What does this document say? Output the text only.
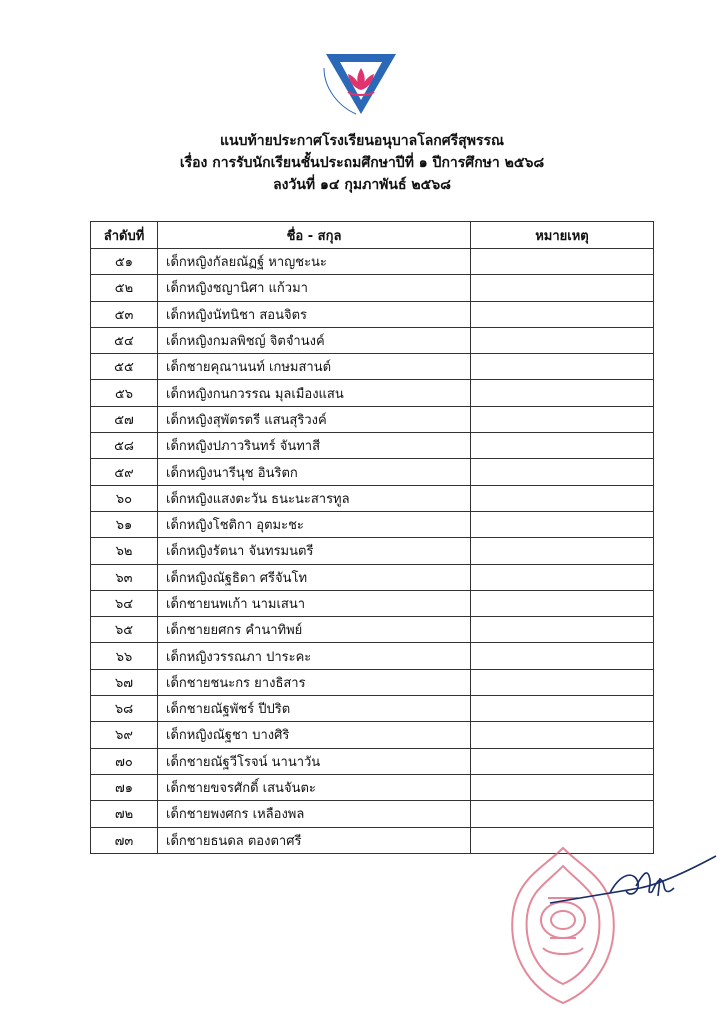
แนบท้ายประกาศโรงเรียนอนุบาลโลกศรีสุพรรณ
เรื่อง การรับนักเรียนชั้นประถมศึกษาปีที่ ๑ ปีการศึกษา ๒๕๖๘
ลงวันที่ ๑๔ กุมภาพันธ์ ๒๕๖๘
ลำดับที่	ชื่อ - สกุล	หมายเหตุ
๕๑	เด็กหญิงกัลยณัฏฐ์ หาญชะนะ	
๕๒	เด็กหญิงชญานิศา แก้วมา	
๕๓	เด็กหญิงนัทนิชา สอนจิตร	
๕๔	เด็กหญิงกมลพิชญ์ จิตจำนงค์	
๕๕	เด็กชายคุณานนท์ เกษมสานต์	
๕๖	เด็กหญิงกนกวรรณ มุลเมืองแสน	
๕๗	เด็กหญิงสุพัตรตรี แสนสุริวงค์	
๕๘	เด็กหญิงปภาวรินทร์ จันทาสี	
๕๙	เด็กหญิงนารีนุช อินริตก	
๖๐	เด็กหญิงแสงตะวัน ธนะนะสารทูล	
๖๑	เด็กหญิงโชติกา อุตมะชะ	
๖๒	เด็กหญิงรัตนา จันทรมนตรี	
๖๓	เด็กหญิงณัฐธิดา ศรีจันโท	
๖๔	เด็กชายนพเก้า นามเสนา	
๖๕	เด็กชายยศกร คำนาทิพย์	
๖๖	เด็กหญิงวรรณภา ปาระคะ	
๖๗	เด็กชายชนะกร ยางธิสาร	
๖๘	เด็กชายณัฐพัชร์ ปีปริต	
๖๙	เด็กหญิงณัฐชา บางศิริ	
๗๐	เด็กชายณัฐวีโรจน์ นานาวัน	
๗๑	เด็กชายขจรศักดิ์ เสนจันตะ	
๗๒	เด็กชายพงศกร เหลืองพล	
๗๓	เด็กชายธนดล ตองตาศรี	
